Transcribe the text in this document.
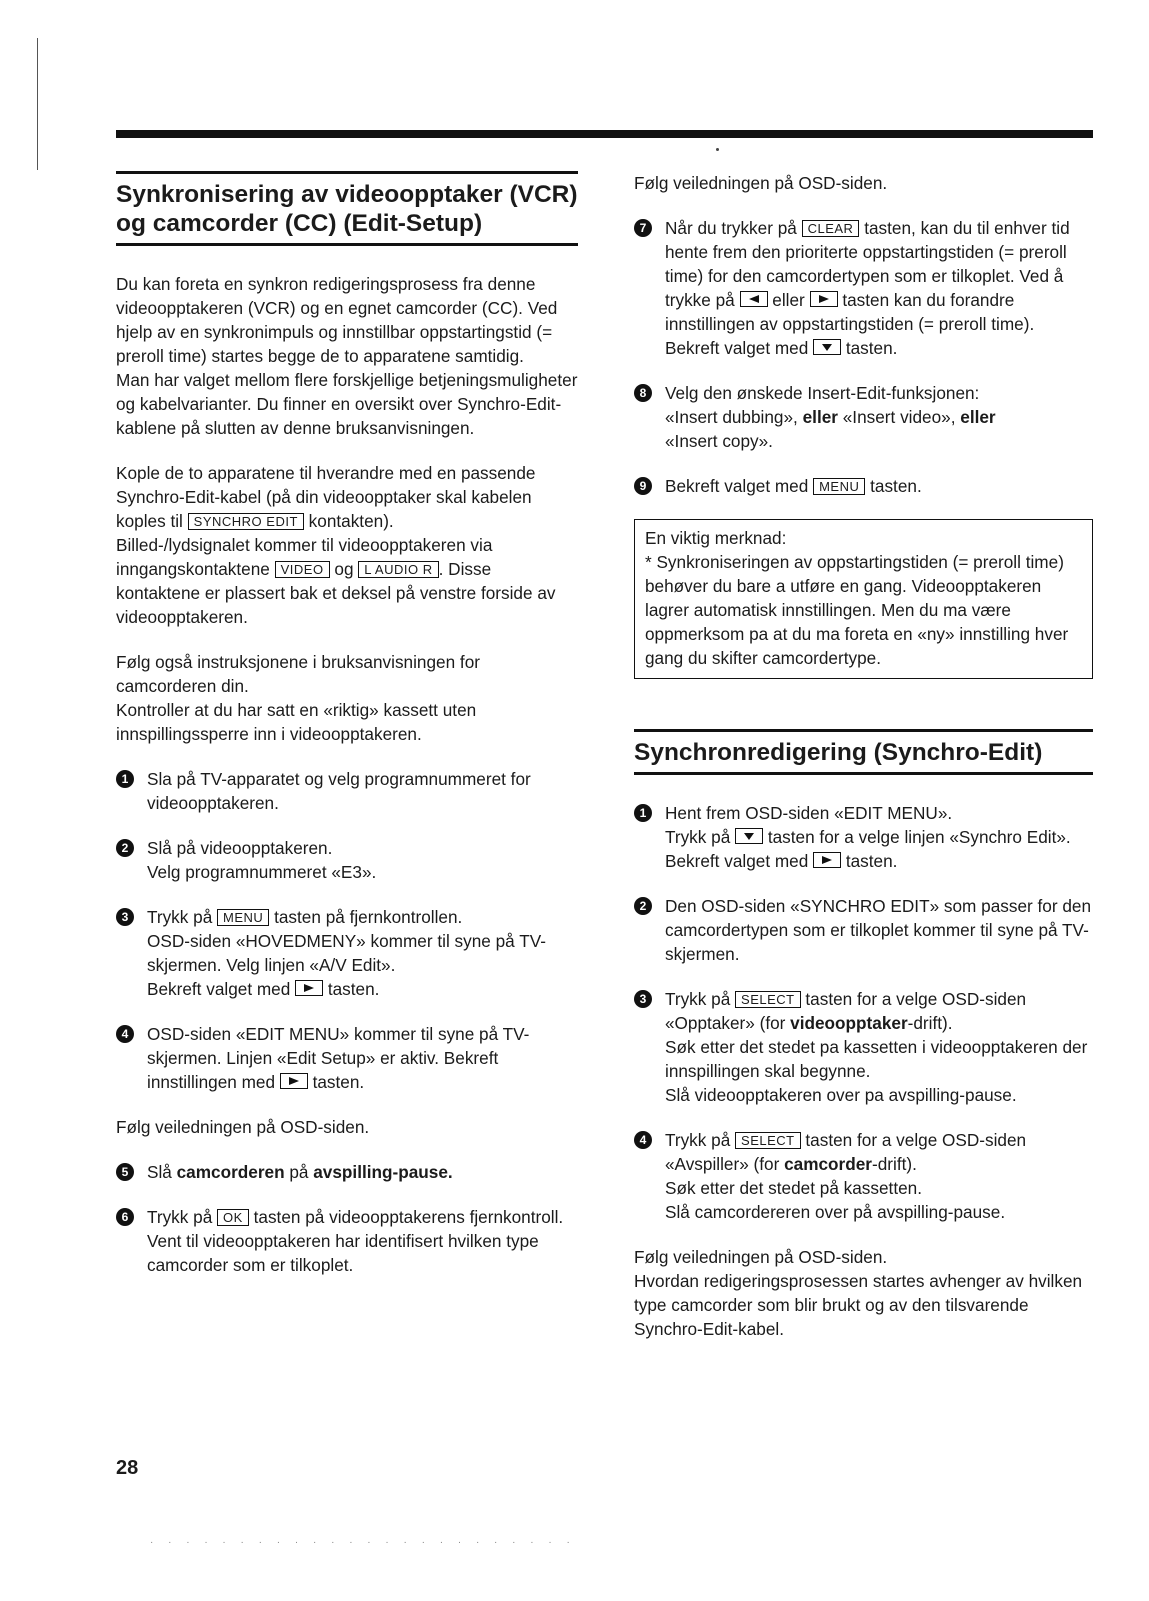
Synkronisering av videoopptaker (VCR) og camcorder (CC) (Edit-Setup)

Du kan foreta en synkron redigeringsprosess fra denne videoopptakeren (VCR) og en egnet camcorder (CC). Ved hjelp av en synkronimpuls og innstillbar oppstartingstid (= preroll time) startes begge de to apparatene samtidig.
Man har valget mellom flere forskjellige betjeningsmuligheter og kabelvarianter. Du finner en oversikt over Synchro-Edit-kablene på slutten av denne bruksanvisningen.

Kople de to apparatene til hverandre med en passende Synchro-Edit-kabel (på din videoopptaker skal kabelen koples til SYNCHRO EDIT kontakten).
Billed-/lydsignalet kommer til videoopptakeren via inngangskontaktene VIDEO og L AUDIO R . Disse kontaktene er plassert bak et deksel på venstre forside av videoopptakeren.

Følg også instruksjonene i bruksanvisningen for camcorderen din.
Kontroller at du har satt en «riktig» kassett uten innspillingssperre inn i videoopptakeren.

1	Sla på TV-apparatet og velg programnummeret for videoopptakeren.
2	Slå på videoopptakeren.
Velg programnummeret «E3».
3	Trykk på MENU tasten på fjernkontrollen.
OSD-siden «HOVEDMENY» kommer til syne på TV-skjermen. Velg linjen «A/V Edit».
Bekreft valget med
tasten.
4	OSD-siden «EDIT MENU» kommer til syne på TV-skjermen. Linjen «Edit Setup» er aktiv. Bekreft innstillingen med
tasten.

Følg veiledningen på OSD-siden.

5	Slå camcorderen på avspilling-pause.
6	Trykk på OK tasten på videoopptakerens fjernkontroll. Vent til videoopptakeren har identifisert hvilken type camcorder som er tilkoplet.

Følg veiledningen på OSD-siden.

7	Når du trykker på CLEAR tasten, kan du til enhver tid hente frem den prioriterte oppstartingstiden (= preroll time) for den camcordertypen som er tilkoplet. Ved å trykke på
eller
tasten kan du forandre innstillingen av oppstartingstiden (= preroll time).
Bekreft valget med
tasten.
8	Velg den ønskede Insert-Edit-funksjonen:
«Insert dubbing», eller «Insert video», eller
«Insert copy».
9	Bekreft valget med MENU tasten.
En viktig merknad:
* Synkroniseringen av oppstartingstiden (= preroll time) behøver du bare a utføre en gang. Videoopptakeren lagrer automatisk innstillingen. Men du ma være oppmerksom pa at du ma foreta en «ny» innstilling hver gang du skifter camcordertype.
Synchronredigering (Synchro-Edit)
1	Hent frem OSD-siden «EDIT MENU».
Trykk på
tasten for a velge linjen «Synchro Edit». Bekreft valget med
tasten.
2	Den OSD-siden «SYNCHRO EDIT» som passer for den camcordertypen som er tilkoplet kommer til syne på TV-skjermen.
3	Trykk på SELECT tasten for a velge OSD-siden «Opptaker» (for videoopptaker-drift).
Søk etter det stedet pa kassetten i videoopptakeren der innspillingen skal begynne.
Slå videoopptakeren over pa avspilling-pause.
4	Trykk på SELECT tasten for a velge OSD-siden «Avspiller» (for camcorder-drift).
Søk etter det stedet på kassetten.
Slå camcordereren over på avspilling-pause.

Følg veiledningen på OSD-siden.
Hvordan redigeringsprosessen startes avhenger av hvilken type camcorder som blir brukt og av den tilsvarende Synchro-Edit-kabel.

28
· · · · · · · · · · · · · · · · · · · · · · · ·
